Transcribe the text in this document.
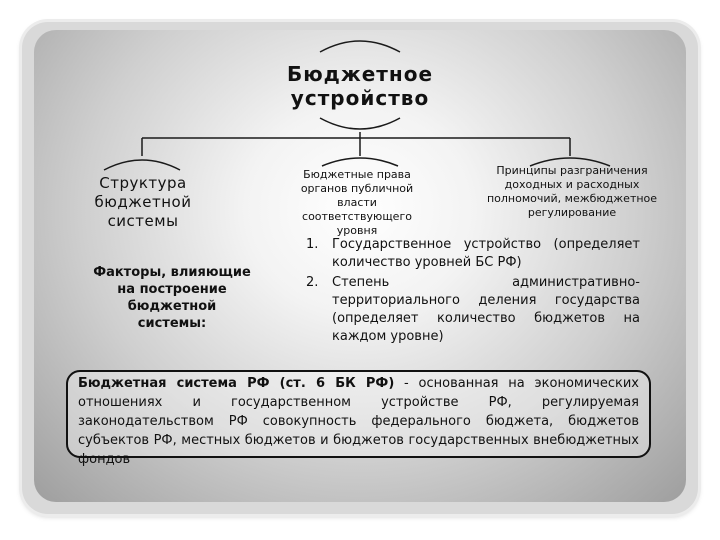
Бюджетное устройство
Структура бюджетной системы
Бюджетные права органов публичной власти соответствующего уровня
Принципы разграничения доходных и расходных полномочий, межбюджетное регулирование
Факторы, влияющие на построение бюджетной системы:
1. Государственное устройство (определяет количество уровней БС РФ)
2. Степень административно-территориального деления государства (определяет количество бюджетов на каждом уровне)
Бюджетная система РФ (ст. 6 БК РФ) - основанная на экономических отношениях и государственном устройстве РФ, регулируемая законодательством РФ совокупность федерального бюджета, бюджетов субъектов РФ, местных бюджетов и бюджетов государственных внебюджетных фондов
